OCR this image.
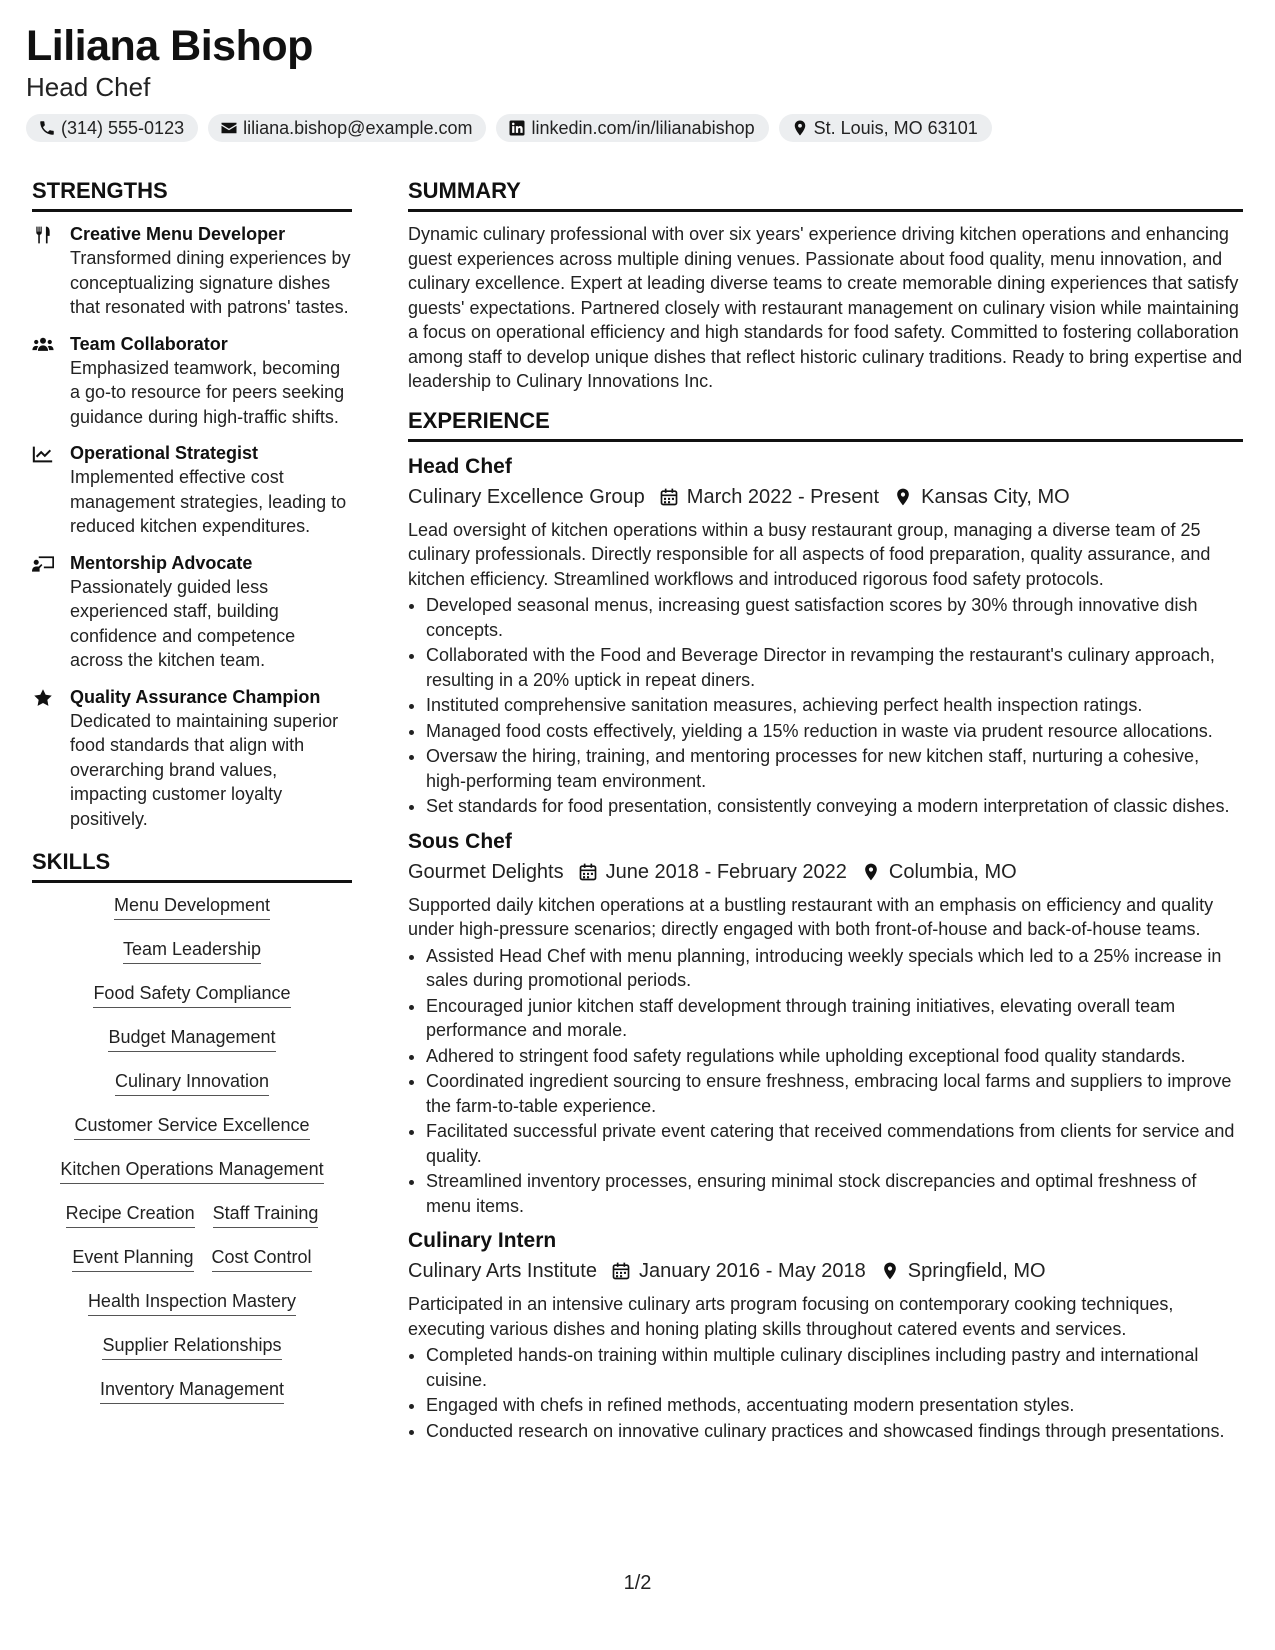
Liliana Bishop
Head Chef
(314) 555-0123	liliana.bishop@example.com	linkedin.com/in/lilianabishop	St. Louis, MO 63101
STRENGTHS
Creative Menu Developer
Transformed dining experiences by conceptualizing signature dishes that resonated with patrons' tastes.
Team Collaborator
Emphasized teamwork, becoming a go-to resource for peers seeking guidance during high-traffic shifts.
Operational Strategist
Implemented effective cost management strategies, leading to reduced kitchen expenditures.
Mentorship Advocate
Passionately guided less experienced staff, building confidence and competence across the kitchen team.
Quality Assurance Champion
Dedicated to maintaining superior food standards that align with overarching brand values, impacting customer loyalty positively.
SKILLS
Menu Development
Team Leadership
Food Safety Compliance
Budget Management
Culinary Innovation
Customer Service Excellence
Kitchen Operations Management
Recipe Creation Staff Training
Event Planning Cost Control
Health Inspection Mastery
Supplier Relationships
Inventory Management
SUMMARY
Dynamic culinary professional with over six years' experience driving kitchen operations and enhancing guest experiences across multiple dining venues. Passionate about food quality, menu innovation, and culinary excellence. Expert at leading diverse teams to create memorable dining experiences that satisfy guests' expectations. Partnered closely with restaurant management on culinary vision while maintaining a focus on operational efficiency and high standards for food safety. Committed to fostering collaboration among staff to develop unique dishes that reflect historic culinary traditions. Ready to bring expertise and leadership to Culinary Innovations Inc.
EXPERIENCE
Head Chef
Culinary Excellence Group March 2022 - Present Kansas City, MO
Lead oversight of kitchen operations within a busy restaurant group, managing a diverse team of 25 culinary professionals. Directly responsible for all aspects of food preparation, quality assurance, and kitchen efficiency. Streamlined workflows and introduced rigorous food safety protocols.
• Developed seasonal menus, increasing guest satisfaction scores by 30% through innovative dish concepts.
• Collaborated with the Food and Beverage Director in revamping the restaurant's culinary approach, resulting in a 20% uptick in repeat diners.
• Instituted comprehensive sanitation measures, achieving perfect health inspection ratings.
• Managed food costs effectively, yielding a 15% reduction in waste via prudent resource allocations.
• Oversaw the hiring, training, and mentoring processes for new kitchen staff, nurturing a cohesive, high-performing team environment.
• Set standards for food presentation, consistently conveying a modern interpretation of classic dishes.
Sous Chef
Gourmet Delights June 2018 - February 2022 Columbia, MO
Supported daily kitchen operations at a bustling restaurant with an emphasis on efficiency and quality under high-pressure scenarios; directly engaged with both front-of-house and back-of-house teams.
• Assisted Head Chef with menu planning, introducing weekly specials which led to a 25% increase in sales during promotional periods.
• Encouraged junior kitchen staff development through training initiatives, elevating overall team performance and morale.
• Adhered to stringent food safety regulations while upholding exceptional food quality standards.
• Coordinated ingredient sourcing to ensure freshness, embracing local farms and suppliers to improve the farm-to-table experience.
• Facilitated successful private event catering that received commendations from clients for service and quality.
• Streamlined inventory processes, ensuring minimal stock discrepancies and optimal freshness of menu items.
Culinary Intern
Culinary Arts Institute January 2016 - May 2018 Springfield, MO
Participated in an intensive culinary arts program focusing on contemporary cooking techniques, executing various dishes and honing plating skills throughout catered events and services.
• Completed hands-on training within multiple culinary disciplines including pastry and international cuisine.
• Engaged with chefs in refined methods, accentuating modern presentation styles.
• Conducted research on innovative culinary practices and showcased findings through presentations.
1/2
